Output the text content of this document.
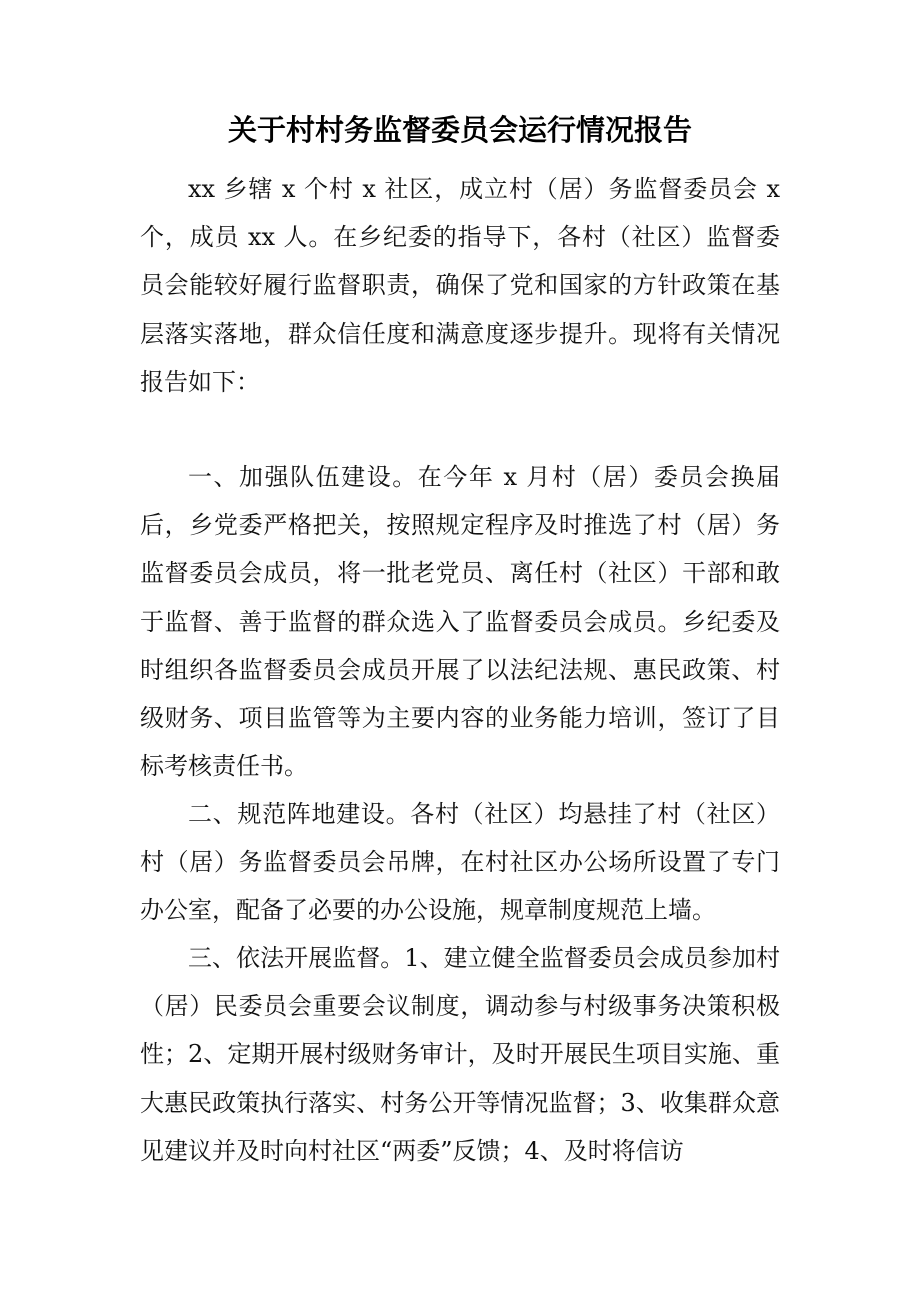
关于村村务监督委员会运行情况报告

xx 乡辖 x 个村 x 社区，成立村（居）务监督委员会 x 个，成员 xx 人。在乡纪委的指导下，各村（社区）监督委员会能较好履行监督职责，确保了党和国家的方针政策在基层落实落地，群众信任度和满意度逐步提升。现将有关情况报告如下：

一、加强队伍建设。在今年 x 月村（居）委员会换届后，乡党委严格把关，按照规定程序及时推选了村（居）务监督委员会成员，将一批老党员、离任村（社区）干部和敢于监督、善于监督的群众选入了监督委员会成员。乡纪委及时组织各监督委员会成员开展了以法纪法规、惠民政策、村级财务、项目监管等为主要内容的业务能力培训，签订了目标考核责任书。

二、规范阵地建设。各村（社区）均悬挂了村（社区）村（居）务监督委员会吊牌，在村社区办公场所设置了专门办公室，配备了必要的办公设施，规章制度规范上墙。

三、依法开展监督。1、建立健全监督委员会成员参加村（居）民委员会重要会议制度，调动参与村级事务决策积极性；2、定期开展村级财务审计，及时开展民生项目实施、重大惠民政策执行落实、村务公开等情况监督；3、收集群众意见建议并及时向村社区“两委”反馈；4、及时将信访
